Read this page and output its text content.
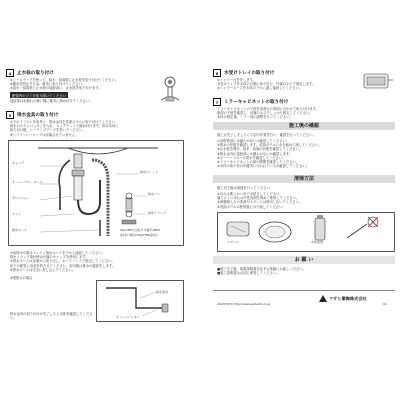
4	止水栓の取り付け
①シールテープを使って、給水・給湯管に止水栓を取り付けてください。
※漏水を防止する為、確実に取り付けてください。
②給水・給湯管と止水栓の接続部に、止水栓を取り付けます。
配管内のゴミを取り除いてください
接続部は水漏れの無い様に確実に締め付けてください。
5	排水金具の取り付け
①下のイラストを参考に、排水金具を洗面ボウルに取り付けてください。
排水口の下にパッキンを入れ、ロックナットで締め付けます。排水本体に
取り付け後、シーリングテープを巻いてください。
※シリコンシーリングは付属されていません。
キャップ
オーバーフロー ホース
平ワッシャー
ナット
排水ホース
排水プレート
排水パン
排水トラップ
SKJ-VP50穴径(ガス継手)Φ60
(排水口取付)SKJ/FRN(取付)
②床排水の際はドレイン排水ホースを下から接続してください。
排水トラップ取付時は付属のキャップを使用します。
③排水ホースは床面から取り出し、ホースバンドで固定してください。
床下の配管に余裕を持たせてください。取付後は排水の確認をします。
※排水ホースは完全に差し込んでください。
※壁排水の場合
排水金具
クリーンパッキン
排水金具の取り付けが完了したら全体を確認してください。
6	水受けトレイの取り付け
①シャワー台を外します。
水受けトレイを本体の右側に取り付け、付属のネジで固定します。
②シャワーホースを本体の下から通し接続してください。
7	ミラーキャビネットの取り付け
ミラーキャビネットの下面を洗面台の背面に合わせて取り付けます。
壁面の下地を確認し、付属のネジでしっかり固定してください。
本体の固定後、ミラー扉の調整を行ってください。
施工後の確認
施工が完了しましたら下記の作業を行い、確認を行ってください。
①各配管部に水漏れがないか確認してください。
②排水の状態を確認します。洗面ボウルに水を溜めて流してください。
③止水栓を開け、給水・給湯の状態を確認してください。
④排水金具の接続部に水漏れがないか確認します。
⑤オーバーフローの排水を確認してください。
⑥ミラーキャビネットの扉の開閉を確認してください。
⑦本体の取り付けが確実に行われているか確認してください。
清掃方法
施工完了後は清掃を行ってください。
①汚れは柔らかい布で水拭きしてください。
落ちにくい汚れは中性洗剤を薄めて使用してください。
②研磨剤入りの洗剤やスポンジは使用しないでください。
③洗面ボウルは使用後に水で流してください。
スポンジ	中性洗剤
お 願 い
■施工完了後、取扱説明書を必ずお客様にお渡しください。
■施工説明書は大切に保管してください。
アサヒ衛陶株式会社
ASAHI EITO http://www.asahieito.co.jp	01
